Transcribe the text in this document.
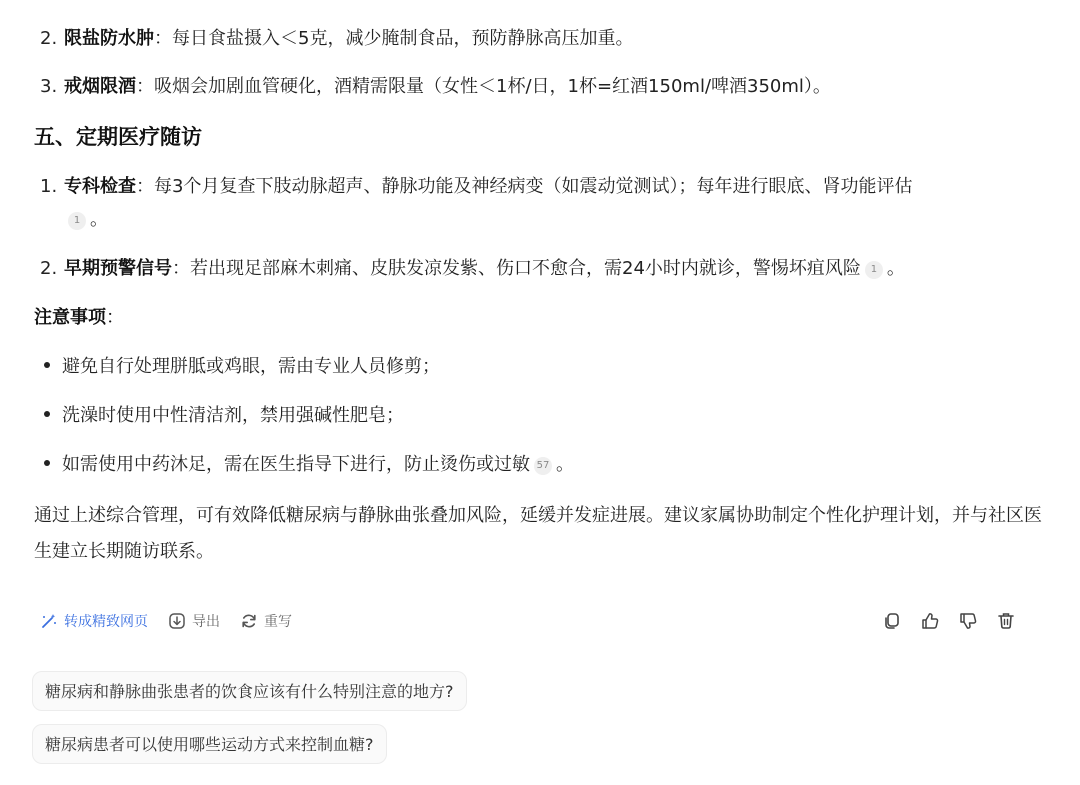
2. 限盐防水肿：每日食盐摄入＜5克，减少腌制食品，预防静脉高压加重。
3. 戒烟限酒：吸烟会加剧血管硬化，酒精需限量（女性＜1杯/日，1杯=红酒150ml/啤酒350ml）。
五、定期医疗随访
1. 专科检查：每3个月复查下肢动脉超声、静脉功能及神经病变（如震动觉测试）；每年进行眼底、肾功能评估
1 。
2. 早期预警信号：若出现足部麻木刺痛、皮肤发凉发紫、伤口不愈合，需24小时内就诊，警惕坏疽风险 1 。
注意事项：
避免自行处理胼胝或鸡眼，需由专业人员修剪；
洗澡时使用中性清洁剂，禁用强碱性肥皂；
如需使用中药沐足，需在医生指导下进行，防止烫伤或过敏 57 。
通过上述综合管理，可有效降低糖尿病与静脉曲张叠加风险，延缓并发症进展。建议家属协助制定个性化护理计划，并与社区医生建立长期随访联系。
转成精致网页	导出	重写
糖尿病和静脉曲张患者的饮食应该有什么特别注意的地方?
糖尿病患者可以使用哪些运动方式来控制血糖?
